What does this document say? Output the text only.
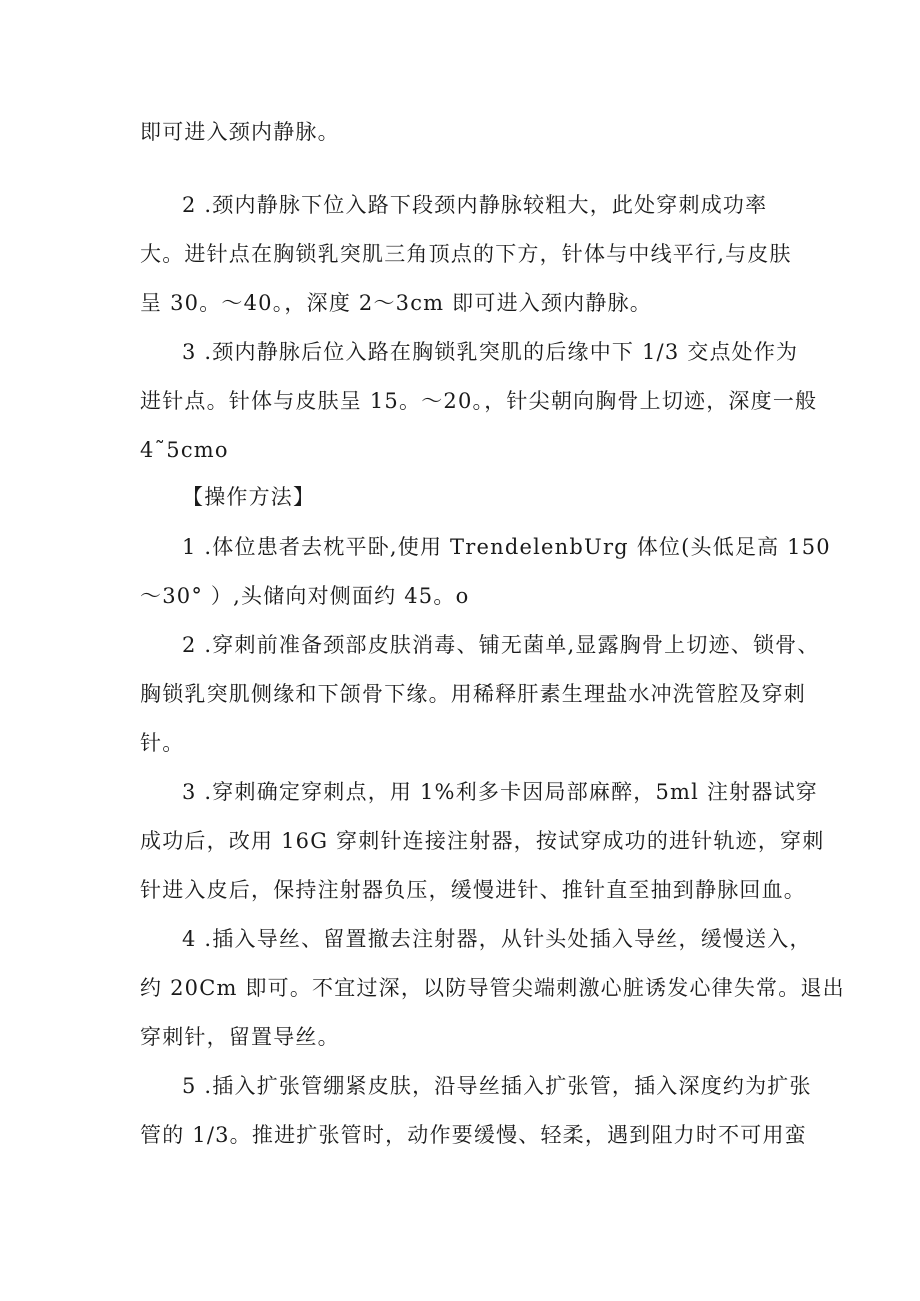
即可进入颈内静脉。
2 .颈内静脉下位入路下段颈内静脉较粗大，此处穿刺成功率
大。进针点在胸锁乳突肌三角顶点的下方，针体与中线平行,与皮肤
呈 30。～40。，深度 2～3cm 即可进入颈内静脉。
3 .颈内静脉后位入路在胸锁乳突肌的后缘中下 1/3 交点处作为
进针点。针体与皮肤呈 15。～20。，针尖朝向胸骨上切迹，深度一般
4˜5cmo
【操作方法】
1 .体位患者去枕平卧,使用 TrendelenbUrg 体位(头低足高 150
～30° ）,头储向对侧面约 45。o
2 .穿刺前准备颈部皮肤消毒、铺无菌单,显露胸骨上切迹、锁骨、
胸锁乳突肌侧缘和下颌骨下缘。用稀释肝素生理盐水冲洗管腔及穿刺
针。
3 .穿刺确定穿刺点，用 1%利多卡因局部麻醉，5ml 注射器试穿
成功后，改用 16G 穿刺针连接注射器，按试穿成功的进针轨迹，穿刺
针进入皮后，保持注射器负压，缓慢进针、推针直至抽到静脉回血。
4 .插入导丝、留置撤去注射器，从针头处插入导丝，缓慢送入，
约 20Cm 即可。不宜过深，以防导管尖端刺激心脏诱发心律失常。退出
穿刺针，留置导丝。
5 .插入扩张管绷紧皮肤，沿导丝插入扩张管，插入深度约为扩张
管的 1/3。推进扩张管时，动作要缓慢、轻柔，遇到阻力时不可用蛮
